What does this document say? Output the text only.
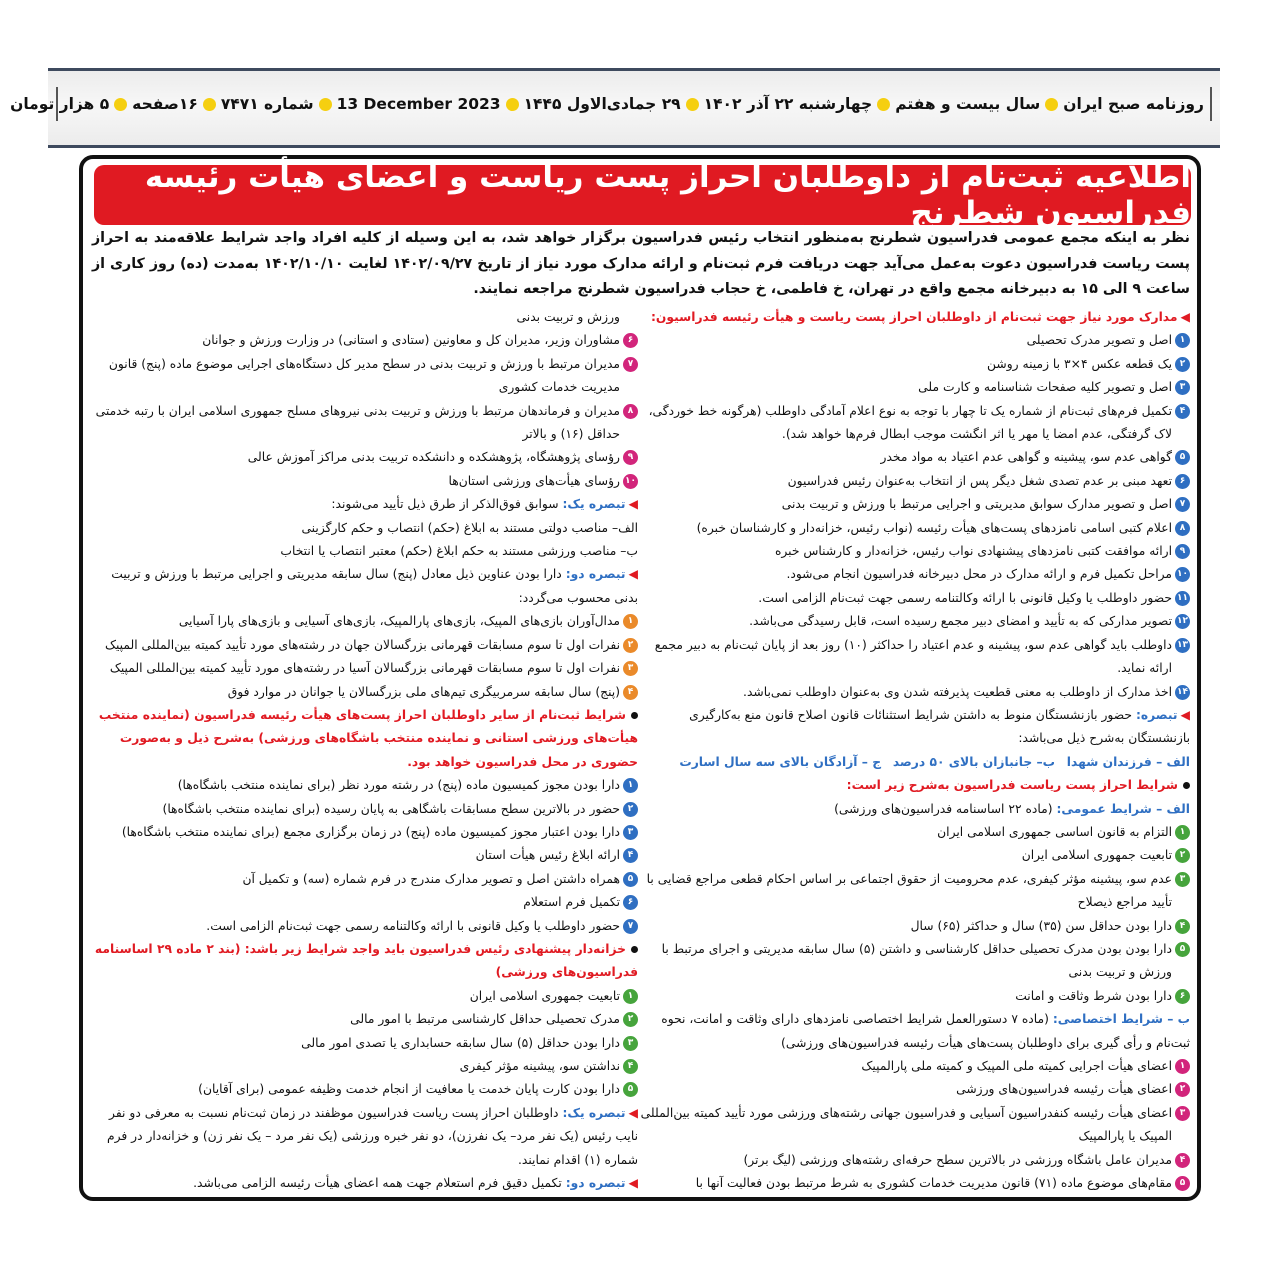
روزنامه صبح ایران
سال بیست و هفتم
چهارشنبه ۲۲ آذر ۱۴۰۲
۲۹ جمادی‌الاول ۱۴۴۵
13 December 2023
شماره ۷۴۷۱
۱۶صفحه
۵ هزار تومان
اطلاعیه ثبت‌نام از داوطلبان احراز پست ریاست و اعضای هیأت رئیسه فدراسیون شطرنج
نظر به اینکه مجمع عمومی فدراسیون شطرنج به‌منظور انتخاب رئیس فدراسیون برگزار خواهد شد، به این وسیله از کلیه افراد واجد شرایط علاقه‌مند به احراز پست ریاست فدراسیون دعوت به‌عمل می‌آید جهت دریافت فرم ثبت‌نام و ارائه مدارک مورد نیاز از تاریخ ۱۴۰۲/۰۹/۲۷ لغایت ۱۴۰۲/۱۰/۱۰ به‌مدت (ده) روز کاری از ساعت ۹ الی ۱۵ به دبیرخانه مجمع واقع در تهران، خ فاطمی، خ حجاب فدراسیون شطرنج مراجعه نمایند.
◀مدارک مورد نیاز جهت ثبت‌نام از داوطلبان احراز پست ریاست و هیأت رئیسه فدراسیون:
۱
اصل و تصویر مدرک تحصیلی
۲
یک قطعه عکس ۴×۳ با زمینه روشن
۳
اصل و تصویر کلیه صفحات شناسنامه و کارت ملی
۴
تکمیل فرم‌های ثبت‌نام از شماره یک تا چهار با توجه به نوع اعلام آمادگی داوطلب (هرگونه خط خوردگی، لاک گرفتگی، عدم امضا یا مهر یا اثر انگشت موجب ابطال فرم‌ها خواهد شد).
۵
گواهی عدم سو، پیشینه و گواهی عدم اعتیاد به مواد مخدر
۶
تعهد مبنی بر عدم تصدی شغل دیگر پس از انتخاب به‌عنوان رئیس فدراسیون
۷
اصل و تصویر مدارک سوابق مدیریتی و اجرایی مرتبط با ورزش و تربیت بدنی
۸
اعلام کتبی اسامی نامزدهای پست‌های هیأت رئیسه (نواب رئیس، خزانه‌دار و کارشناسان خبره)
۹
ارائه موافقت کتبی نامزدهای پیشنهادی نواب رئیس، خزانه‌دار و کارشناس خبره
۱۰
مراحل تکمیل فرم و ارائه مدارک در محل دبیرخانه فدراسیون انجام می‌شود.
۱۱
حضور داوطلب یا وکیل قانونی با ارائه وکالتنامه رسمی جهت ثبت‌نام الزامی است.
۱۲
تصویر مدارکی که به تأیید و امضای دبیر مجمع رسیده است، قابل رسیدگی می‌باشد.
۱۳
داوطلب باید گواهی عدم سو، پیشینه و عدم اعتیاد را حداکثر (۱۰) روز بعد از پایان ثبت‌نام به دبیر مجمع ارائه نماید.
۱۴
اخذ مدارک از داوطلب به معنی قطعیت پذیرفته شدن وی به‌عنوان داوطلب نمی‌باشد.
◀تبصره: حضور بازنشستگان منوط به داشتن شرایط استثنائات قانون اصلاح قانون منع به‌کارگیری بازنشستگان به‌شرح ذیل می‌باشد:
الف – فرزندان شهدا   ب– جانبازان بالای ۵۰ درصد   ج – آزادگان بالای سه سال اسارت
شرایط احراز پست ریاست فدراسیون به‌شرح زیر است:
الف – شرایط عمومی: (ماده ۲۲ اساسنامه فدراسیون‌های ورزشی)
۱
التزام به قانون اساسی جمهوری اسلامی ایران
۲
تابعیت جمهوری اسلامی ایران
۳
عدم سو، پیشینه مؤثر کیفری، عدم محرومیت از حقوق اجتماعی بر اساس احکام قطعی مراجع قضایی با تأیید مراجع ذیصلاح
۴
دارا بودن حداقل سن (۳۵) سال و حداکثر (۶۵) سال
۵
دارا بودن بودن مدرک تحصیلی حداقل کارشناسی و داشتن (۵) سال سابقه مدیریتی و اجرای مرتبط با ورزش و تربیت بدنی
۶
دارا بودن شرط وثاقت و امانت
ب – شرایط اختصاصی: (ماده ۷ دستورالعمل شرایط اختصاصی نامزدهای دارای وثاقت و امانت، نحوه ثبت‌نام و رأی گیری برای داوطلبان پست‌های هیأت رئیسه فدراسیون‌های ورزشی)
۱
اعضای هیأت اجرایی کمیته ملی المپیک و کمیته ملی پارالمپیک
۲
اعضای هیأت رئیسه فدراسیون‌های ورزشی
۳
اعضای هیأت رئیسه کنفدراسیون آسیایی و فدراسیون جهانی رشته‌های ورزشی مورد تأیید کمیته بین‌المللی المپیک یا پارالمپیک
۴
مدیران عامل باشگاه ورزشی در بالاترین سطح حرفه‌ای رشته‌های ورزشی (لیگ برتر)
۵
مقام‌های موضوع ماده (۷۱) قانون مدیریت خدمات کشوری به شرط مرتبط بودن فعالیت آنها با
ورزش و تربیت بدنی
۶
مشاوران وزیر، مدیران کل و معاونین (ستادی و استانی) در وزارت ورزش و جوانان
۷
مدیران مرتبط با ورزش و تربیت بدنی در سطح مدیر کل دستگاه‌های اجرایی موضوع ماده (پنج) قانون مدیریت خدمات کشوری
۸
مدیران و فرماندهان مرتبط با ورزش و تربیت بدنی نیروهای مسلح جمهوری اسلامی ایران با رتبه خدمتی حداقل (۱۶) و بالاتر
۹
رؤسای پژوهشگاه، پژوهشکده و دانشکده تربیت بدنی مراکز آموزش عالی
۱۰
رؤسای هیأت‌های ورزشی استان‌ها
◀تبصره یک: سوابق فوق‌الذکر از طرق ذیل تأیید می‌شوند:
الف– مناصب دولتی مستند به ابلاغ (حکم) انتصاب و حکم کارگزینی
ب– مناصب ورزشی مستند به حکم ابلاغ (حکم) معتبر انتصاب یا انتخاب
◀تبصره دو: دارا بودن عناوین ذیل معادل (پنج) سال سابقه مدیریتی و اجرایی مرتبط با ورزش و تربیت بدنی محسوب می‌گردد:
۱
مدال‌آوران بازی‌های المپیک، بازی‌های پارالمپیک، بازی‌های آسیایی و بازی‌های پارا آسیایی
۲
نفرات اول تا سوم مسابقات قهرمانی بزرگسالان جهان در رشته‌های مورد تأیید کمیته بین‌المللی المپیک
۳
نفرات اول تا سوم مسابقات قهرمانی بزرگسالان آسیا در رشته‌های مورد تأیید کمیته بین‌المللی المپیک
۴
(پنج) سال سابقه سرمربیگری تیم‌های ملی بزرگسالان یا جوانان در موارد فوق
شرایط ثبت‌نام از سایر داوطلبان احراز پست‌های هیأت رئیسه فدراسیون (نماینده منتخب هیأت‌های ورزشی استانی و نماینده منتخب باشگاه‌های ورزشی) به‌شرح ذیل و به‌صورت حضوری در محل فدراسیون خواهد بود.
۱
دارا بودن مجوز کمیسیون ماده (پنج) در رشته مورد نظر (برای نماینده منتخب باشگاه‌ها)
۲
حضور در بالاترین سطح مسابقات باشگاهی به پایان رسیده (برای نماینده منتخب باشگاه‌ها)
۳
دارا بودن اعتبار مجوز کمیسیون ماده (پنج) در زمان برگزاری مجمع (برای نماینده منتخب باشگاه‌ها)
۴
ارائه ابلاغ رئیس هیأت استان
۵
همراه داشتن اصل و تصویر مدارک مندرج در فرم شماره (سه) و تکمیل آن
۶
تکمیل فرم استعلام
۷
حضور داوطلب یا وکیل قانونی با ارائه وکالتنامه رسمی جهت ثبت‌نام الزامی است.
خزانه‌دار پیشنهادی رئیس فدراسیون باید واجد شرایط زیر باشد: (بند ۲ ماده ۲۹ اساسنامه فدراسیون‌های ورزشی)
۱
تابعیت جمهوری اسلامی ایران
۲
مدرک تحصیلی حداقل کارشناسی مرتبط با امور مالی
۳
دارا بودن حداقل (۵) سال سابقه حسابداری یا تصدی امور مالی
۴
نداشتن سو، پیشینه مؤثر کیفری
۵
دارا بودن کارت پایان خدمت یا معافیت از انجام خدمت وظیفه عمومی (برای آقایان)
◀تبصره یک: داوطلبان احراز پست ریاست فدراسیون موظفند در زمان ثبت‌نام نسبت به معرفی دو نفر نایب رئیس (یک نفر مرد– یک نفرزن)، دو نفر خبره ورزشی (یک نفر مرد – یک نفر زن) و خزانه‌دار در فرم شماره (۱) اقدام نمایند.
◀تبصره دو: تکمیل دقیق فرم استعلام جهت همه اعضای هیأت رئیسه الزامی می‌باشد.
